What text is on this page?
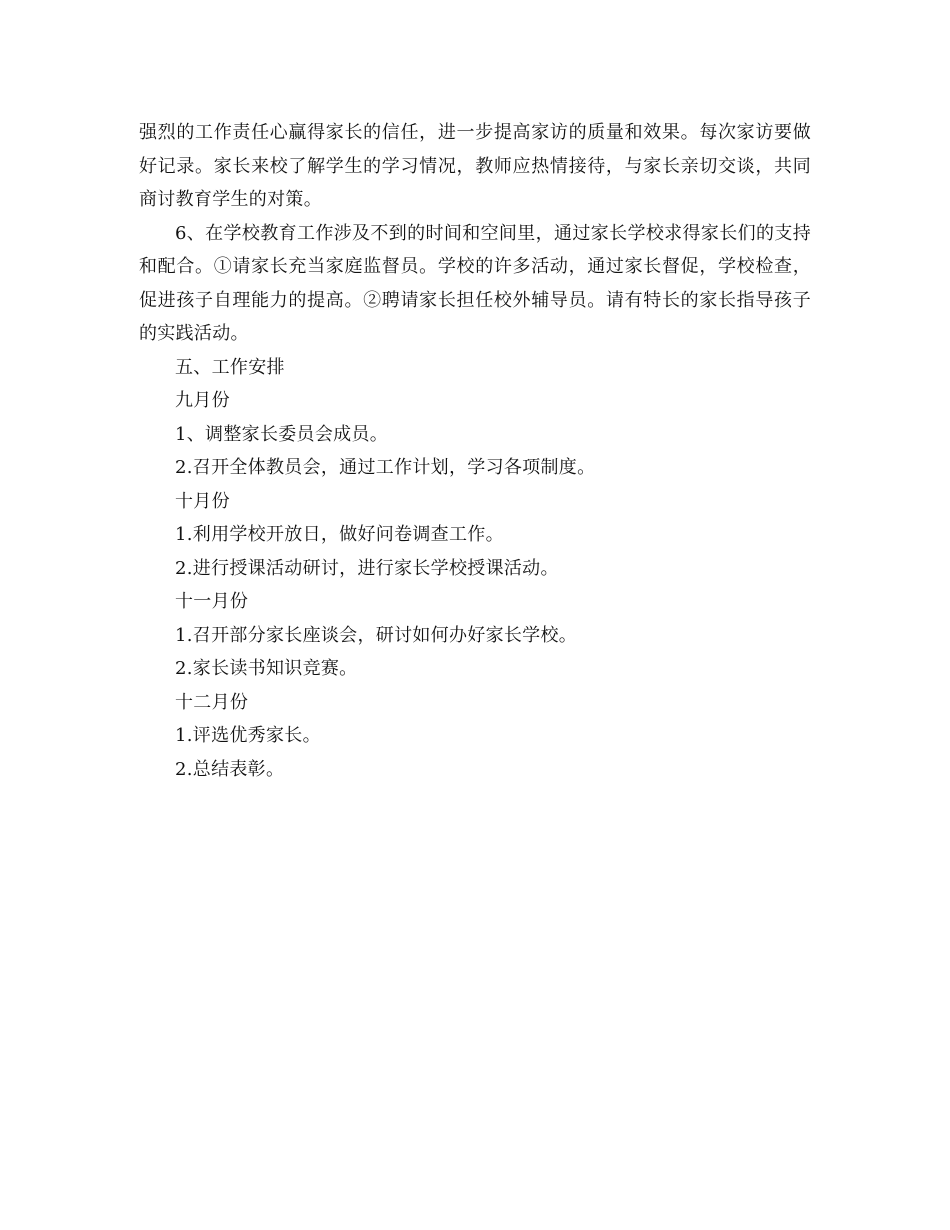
强烈的工作责任心赢得家长的信任，进一步提高家访的质量和效果。每次家访要做好记录。家长来校了解学生的学习情况，教师应热情接待，与家长亲切交谈，共同商讨教育学生的对策。

6、在学校教育工作涉及不到的时间和空间里，通过家长学校求得家长们的支持和配合。①请家长充当家庭监督员。学校的许多活动，通过家长督促，学校检查，促进孩子自理能力的提高。②聘请家长担任校外辅导员。请有特长的家长指导孩子的实践活动。

五、工作安排

九月份

1、调整家长委员会成员。

2.召开全体教员会，通过工作计划，学习各项制度。

十月份

1.利用学校开放日，做好问卷调查工作。

2.进行授课活动研讨，进行家长学校授课活动。

十一月份

1.召开部分家长座谈会，研讨如何办好家长学校。

2.家长读书知识竞赛。

十二月份

1.评选优秀家长。

2.总结表彰。
